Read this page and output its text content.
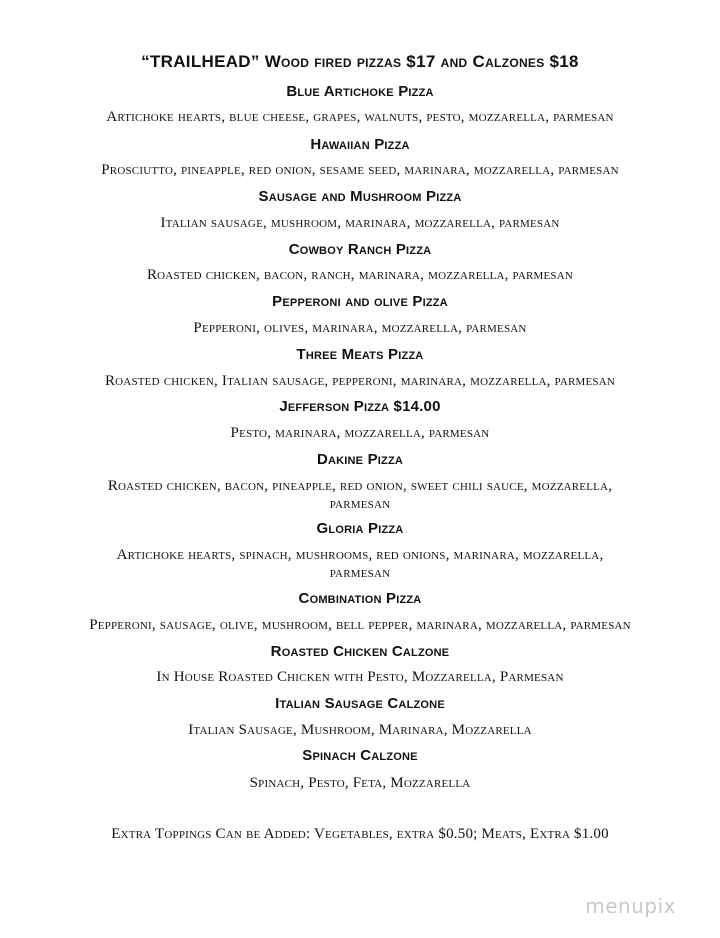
“TRAILHEAD” Wood fired pizzas $17 and Calzones $18
Blue Artichoke Pizza
Artichoke hearts, blue cheese, grapes, walnuts, pesto, mozzarella, parmesan
Hawaiian Pizza
Prosciutto, pineapple, red onion, sesame seed, marinara, mozzarella, parmesan
Sausage and Mushroom Pizza
Italian sausage, mushroom, marinara, mozzarella, parmesan
Cowboy Ranch Pizza
Roasted chicken, bacon, ranch, marinara, mozzarella, parmesan
Pepperoni and olive Pizza
Pepperoni, olives, marinara, mozzarella, parmesan
Three Meats Pizza
Roasted chicken, Italian sausage, pepperoni, marinara, mozzarella, parmesan
Jefferson Pizza $14.00
Pesto, marinara, mozzarella, parmesan
Dakine Pizza
Roasted chicken, bacon, pineapple, red onion, sweet chili sauce, mozzarella,
parmesan
Gloria Pizza
Artichoke hearts, spinach, mushrooms, red onions, marinara, mozzarella,
parmesan
Combination Pizza
Pepperoni, sausage, olive, mushroom, bell pepper, marinara, mozzarella, parmesan
Roasted Chicken Calzone
In House Roasted Chicken with Pesto, Mozzarella, Parmesan
Italian Sausage Calzone
Italian Sausage, Mushroom, Marinara, Mozzarella
Spinach Calzone
Spinach, Pesto, Feta, Mozzarella
Extra Toppings Can be Added: Vegetables, extra $0.50; Meats, Extra $1.00
menupix
